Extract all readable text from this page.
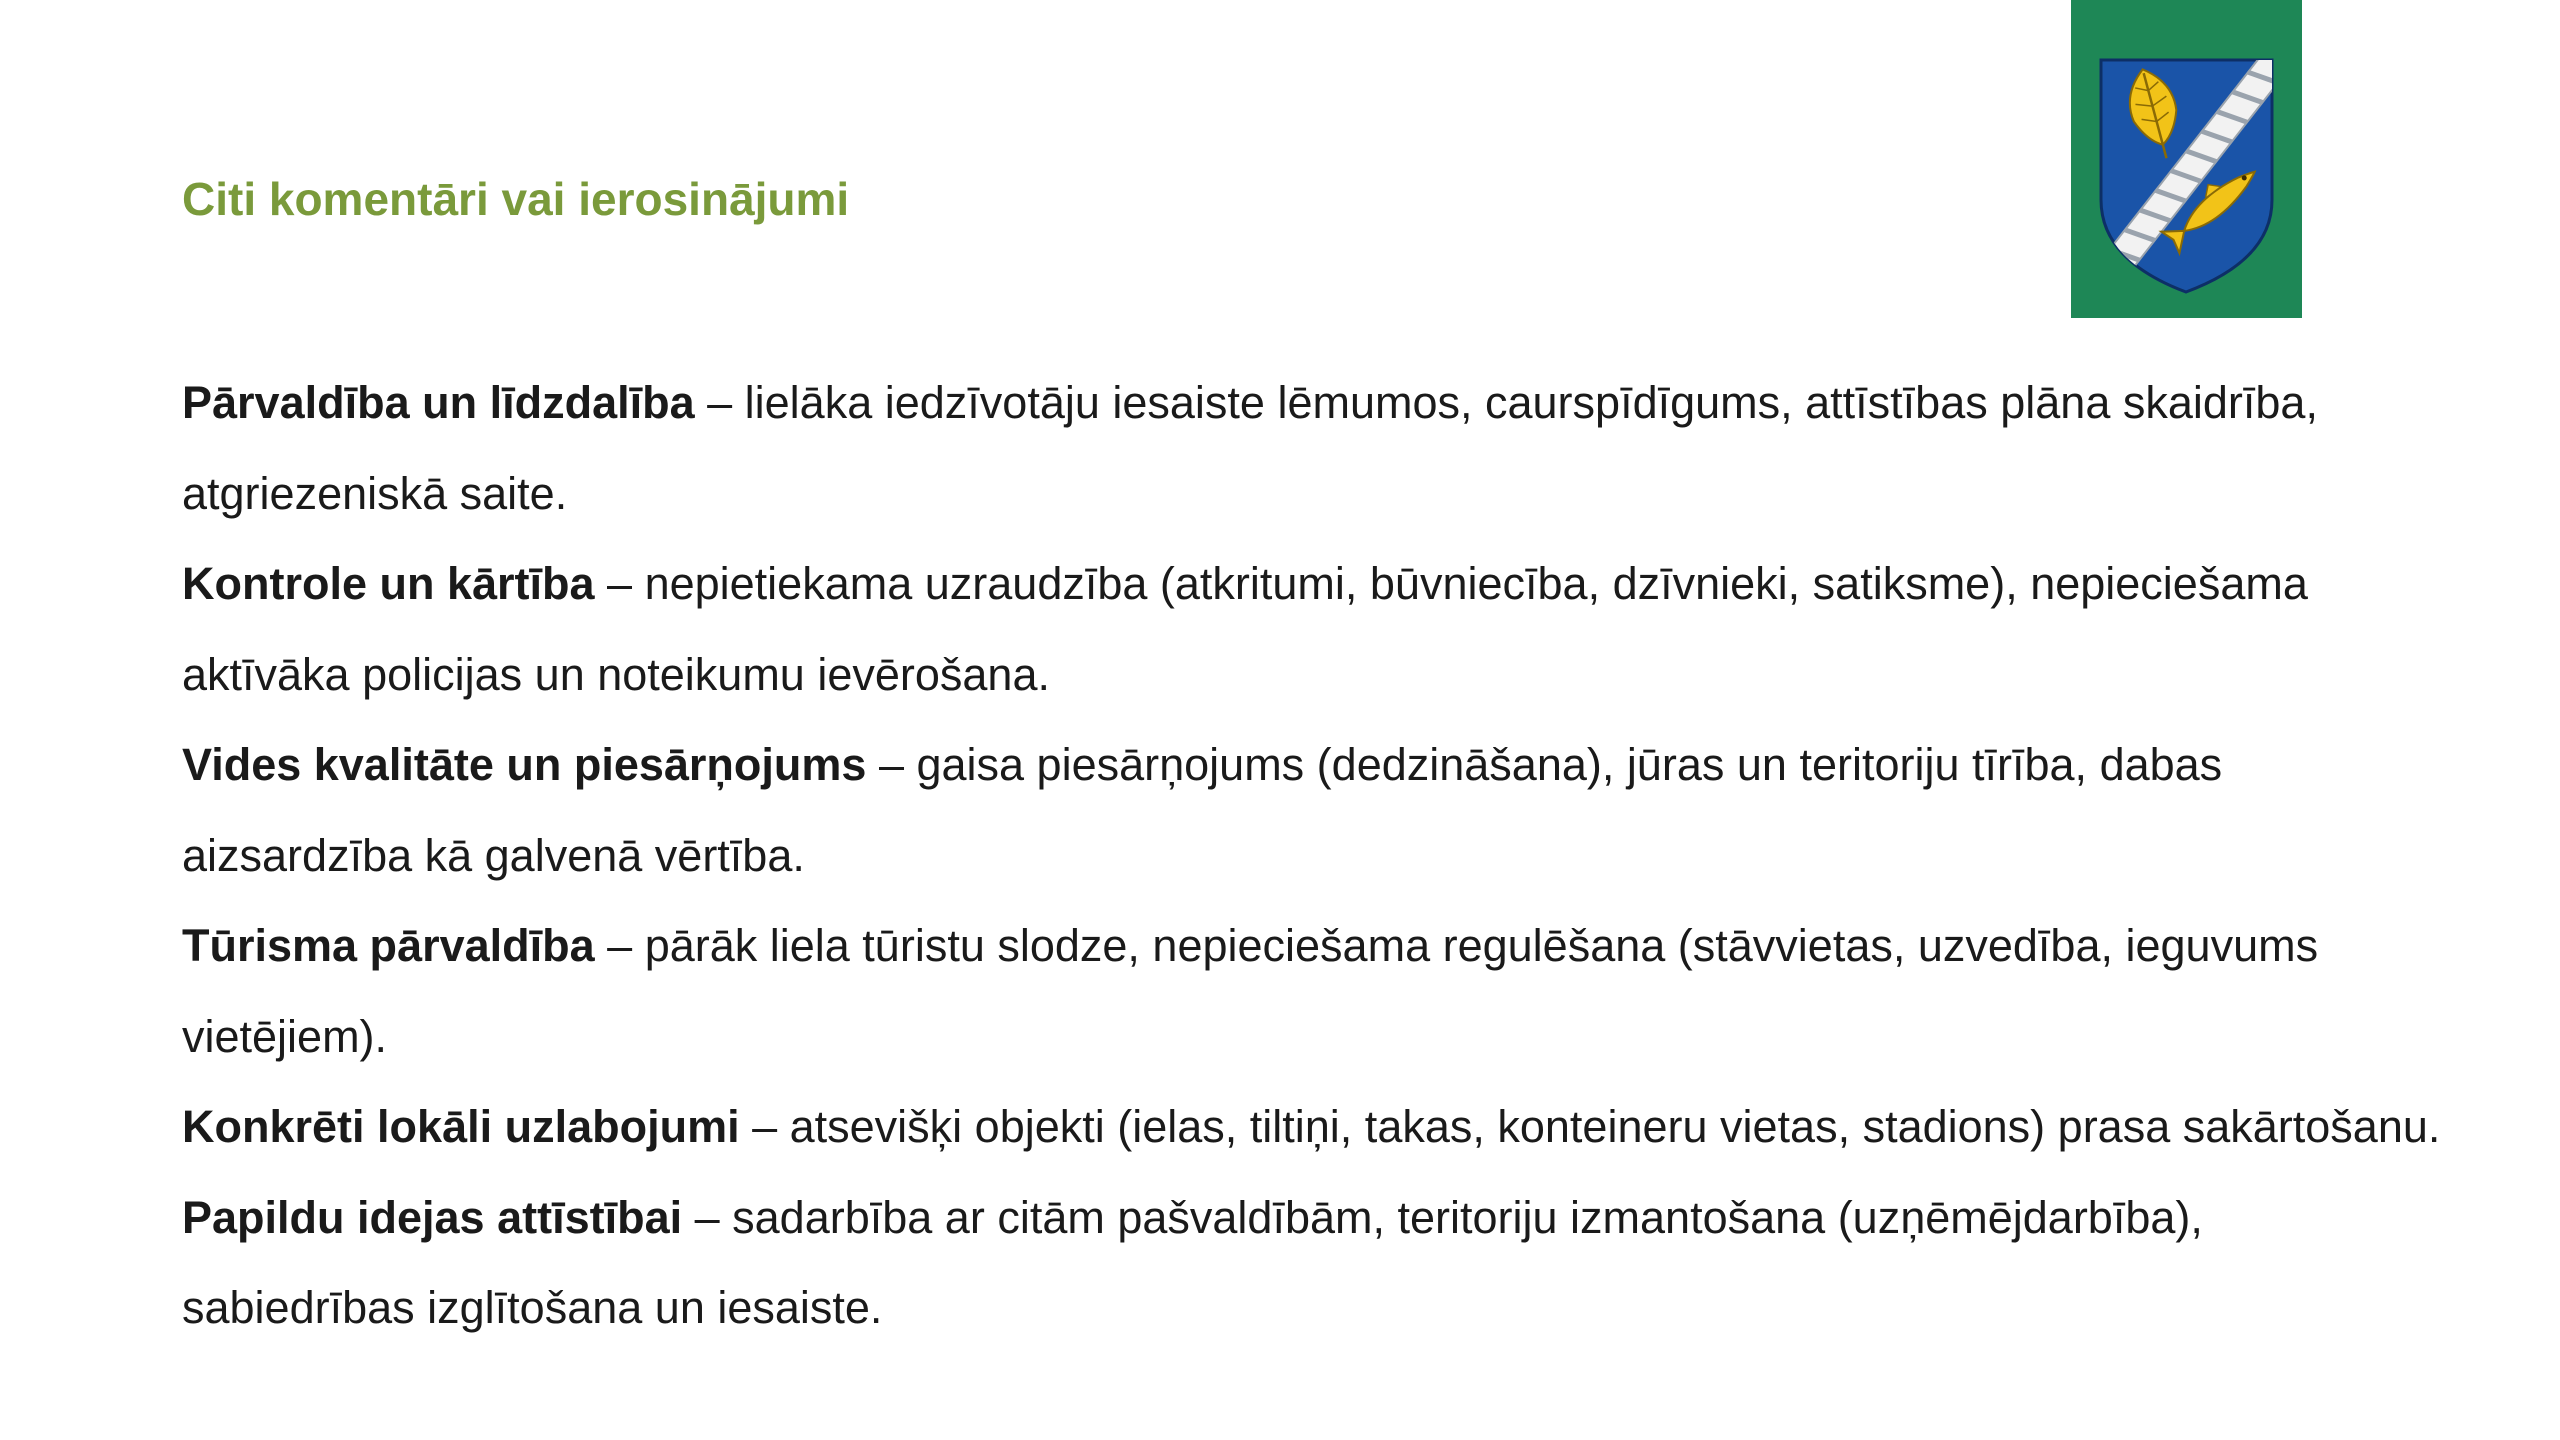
Citi komentāri vai ierosinājumi

Pārvaldība un līdzdalība – lielāka iedzīvotāju iesaiste lēmumos, caurspīdīgums, attīstības plāna skaidrība, atgriezeniskā saite.

Kontrole un kārtība – nepietiekama uzraudzība (atkritumi, būvniecība, dzīvnieki, satiksme), nepieciešama aktīvāka policijas un noteikumu ievērošana.

Vides kvalitāte un piesārņojums – gaisa piesārņojums (dedzināšana), jūras un teritoriju tīrība, dabas aizsardzība kā galvenā vērtība.

Tūrisma pārvaldība – pārāk liela tūristu slodze, nepieciešama regulēšana (stāvvietas, uzvedība, ieguvums vietējiem).

Konkrēti lokāli uzlabojumi – atsevišķi objekti (ielas, tiltiņi, takas, konteineru vietas, stadions) prasa sakārtošanu.

Papildu idejas attīstībai – sadarbība ar citām pašvaldībām, teritoriju izmantošana (uzņēmējdarbība), sabiedrības izglītošana un iesaiste.
